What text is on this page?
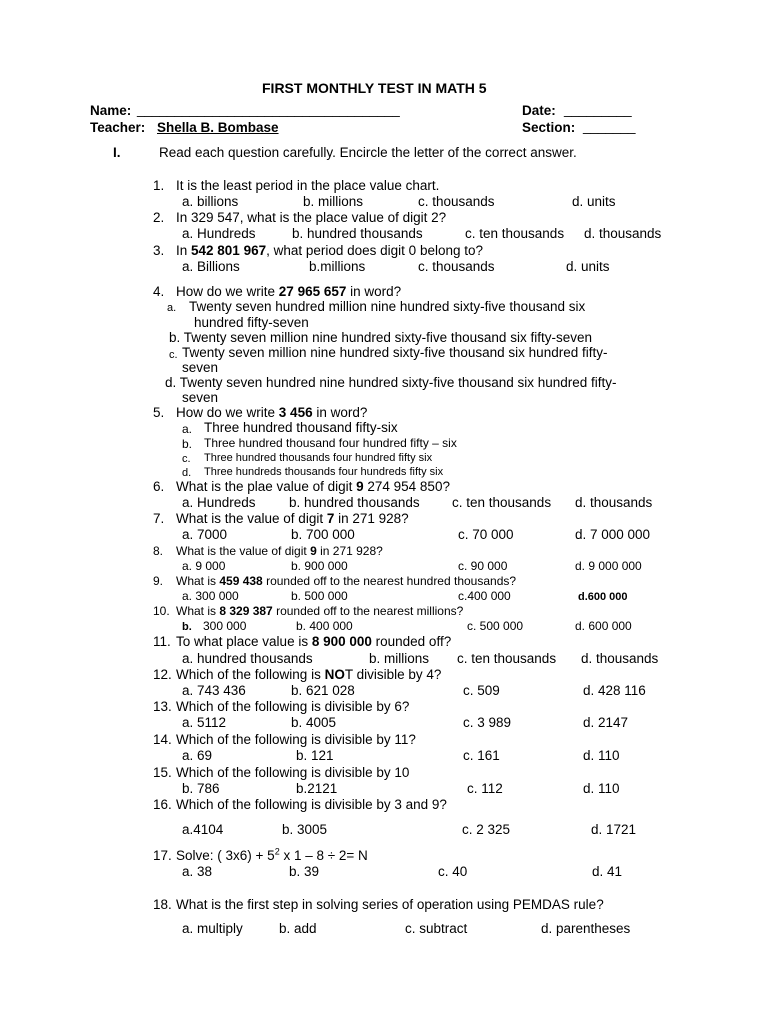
FIRST MONTHLY TEST IN MATH 5
Name: ___________________________________	Date: _________
Teacher: Shella B. Bombase	Section: _______
I.	Read each question carefully. Encircle the letter of the correct answer.
1. It is the least period in the place value chart.
a. billions	b. millions	c. thousands	d. units
2. In 329 547, what is the place value of digit 2?
a. Hundreds	b. hundred thousands	c. ten thousands d. thousands
3. In 542 801 967, what period does digit 0 belong to?
a. Billions	b.millions	c. thousands	d. units
4. How do we write 27 965 657 in word?
a. Twenty seven hundred million nine hundred sixty-five thousand six
hundred fifty-seven
b. Twenty seven million nine hundred sixty-five thousand six fifty-seven
c. Twenty seven million nine hundred sixty-five thousand six hundred fifty-
seven
d. Twenty seven hundred nine hundred sixty-five thousand six hundred fifty-
seven
5. How do we write 3 456 in word?
a. Three hundred thousand fifty-six
b. Three hundred thousand four hundred fifty – six
c. Three hundred thousands four hundred fifty six
d. Three hundreds thousands four hundreds fifty six
6. What is the plae value of digit 9 274 954 850?
a. Hundreds b. hundred thousands c. ten thousands d. thousands
7. What is the value of digit 7 in 271 928?
a. 7000	b. 700 000	c. 70 000	d. 7 000 000
8. What is the value of digit 9 in 271 928?
a. 9 000	b. 900 000	c. 90 000	d. 9 000 000
9. What is 459 438 rounded off to the nearest hundred thousands?
a. 300 000	b. 500 000	c.400 000	d.600 000
10. What is 8 329 387 rounded off to the nearest millions?
b. 300 000	b. 400 000	c. 500 000	d. 600 000
11. To what place value is 8 900 000 rounded off?
a. hundred thousands	b. millions c. ten thousands d. thousands
12. Which of the following is NOT divisible by 4?
a. 743 436	b. 621 028	c. 509	d. 428 116
13. Which of the following is divisible by 6?
a. 5112	b. 4005	c. 3 989	d. 2147
14. Which of the following is divisible by 11?
a. 69	b. 121	c. 161	d. 110
15. Which of the following is divisible by 10
b. 786	b.2121	c. 112	d. 110
16. Which of the following is divisible by 3 and 9?
a.4104	b. 3005	c. 2 325	d. 1721
17. Solve: ( $3x6) + 5^2$ x 1 – 8 ÷ 2= N
a. 38	b. 39	c. 40	d. 41
18. What is the first step in solving series of operation using PEMDAS rule?
a. multiply	b. add	c. subtract	d. parentheses
